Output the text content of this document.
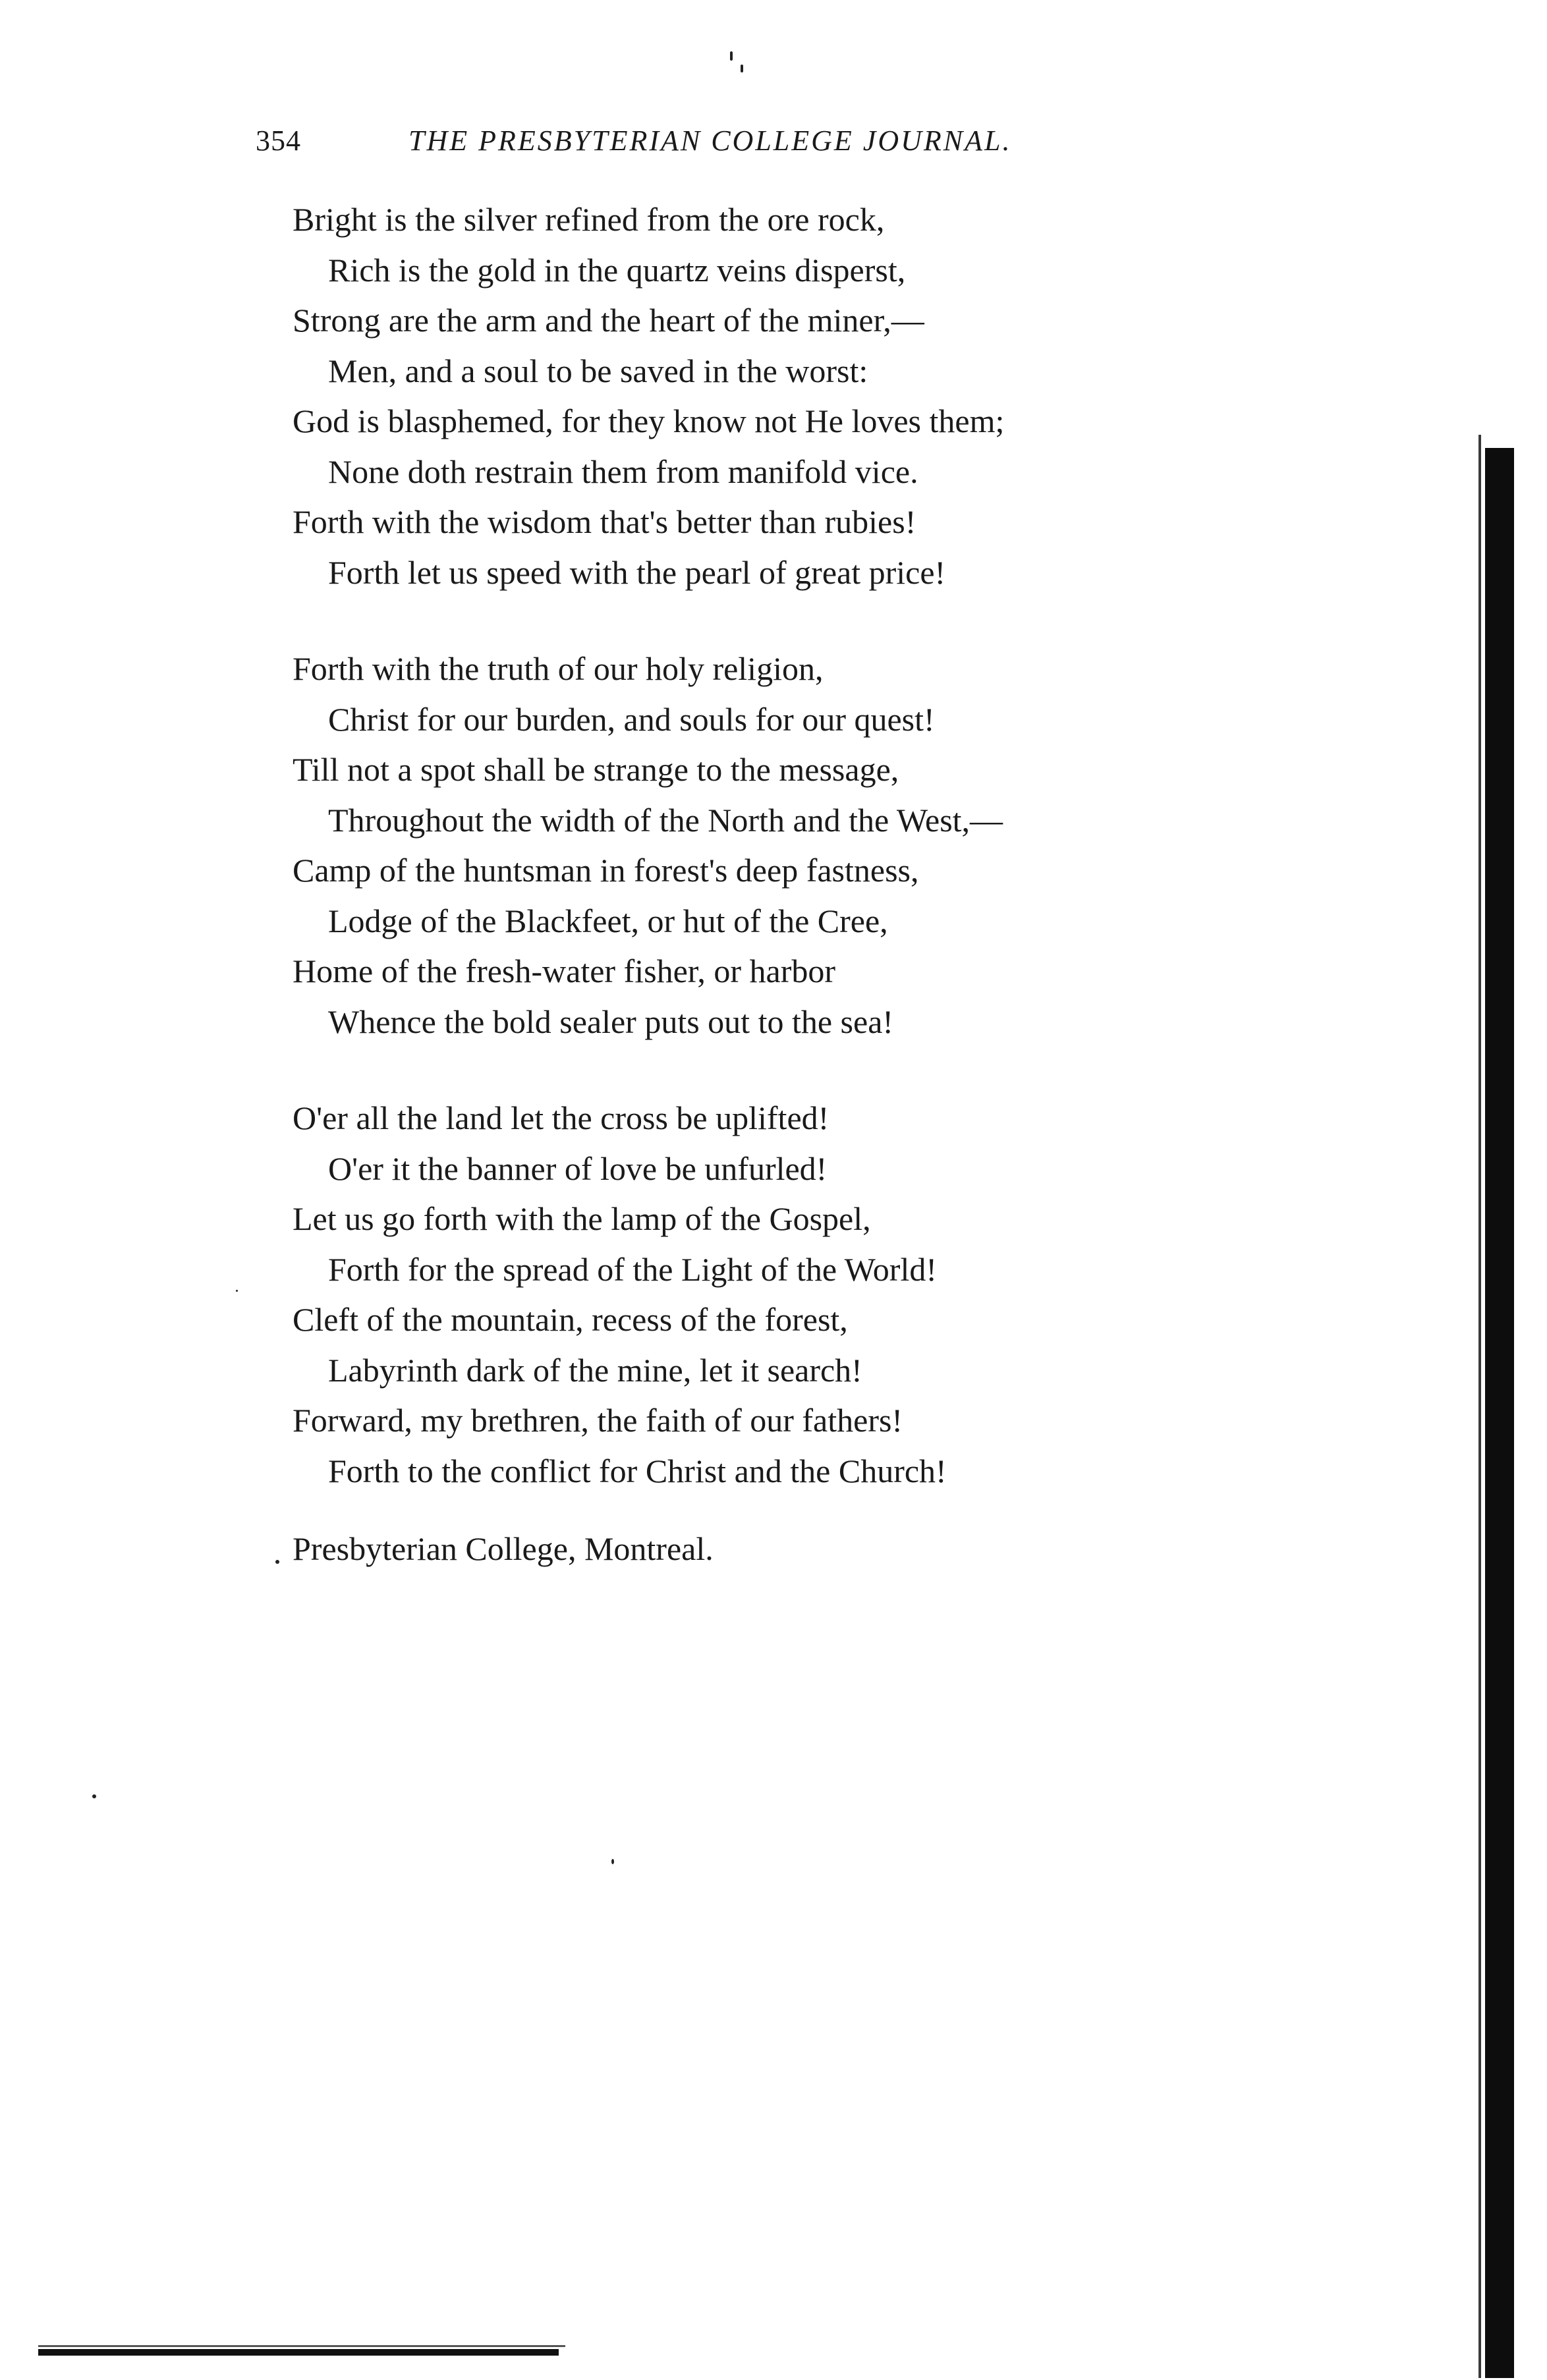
354	THE PRESBYTERIAN COLLEGE JOURNAL.
Bright is the silver refined from the ore rock,
Rich is the gold in the quartz veins disperst,
Strong are the arm and the heart of the miner,—
Men, and a soul to be saved in the worst:
God is blasphemed, for they know not He loves them;
None doth restrain them from manifold vice.
Forth with the wisdom that's better than rubies!
Forth let us speed with the pearl of great price!
Forth with the truth of our holy religion,
Christ for our burden, and souls for our quest!
Till not a spot shall be strange to the message,
Throughout the width of the North and the West,—
Camp of the huntsman in forest's deep fastness,
Lodge of the Blackfeet, or hut of the Cree,
Home of the fresh-water fisher, or harbor
Whence the bold sealer puts out to the sea!
O'er all the land let the cross be uplifted!
O'er it the banner of love be unfurled!
Let us go forth with the lamp of the Gospel,
Forth for the spread of the Light of the World!
Cleft of the mountain, recess of the forest,
Labyrinth dark of the mine, let it search!
Forward, my brethren, the faith of our fathers!
Forth to the conflict for Christ and the Church!
Presbyterian College, Montreal.
